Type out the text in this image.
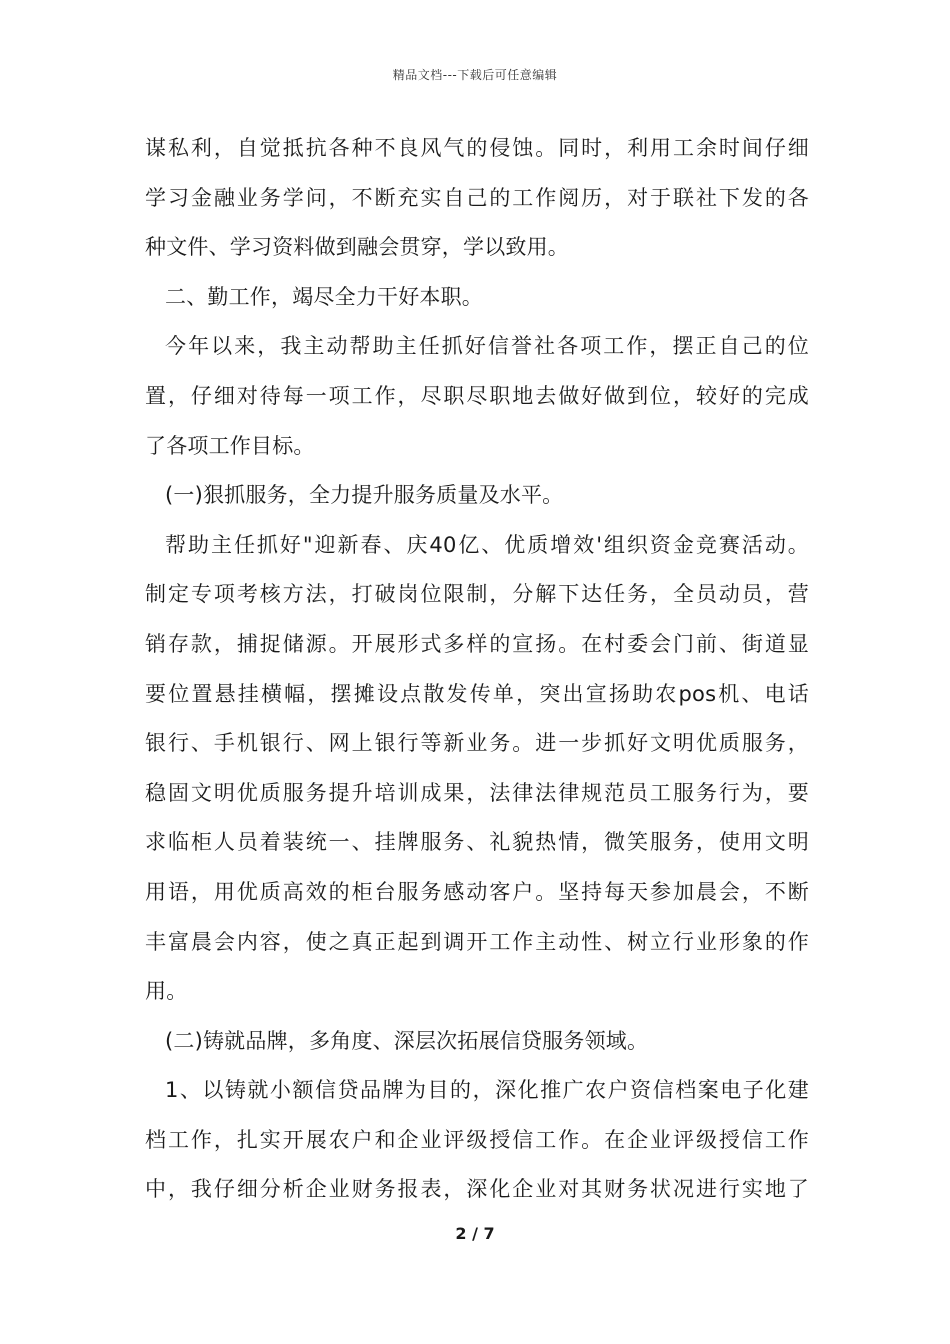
精品文档---下载后可任意编辑
谋私利，自觉抵抗各种不良风气的侵蚀。同时，利用工余时间仔细
学习金融业务学问，不断充实自己的工作阅历，对于联社下发的各
种文件、学习资料做到融会贯穿，学以致用。
二、勤工作，竭尽全力干好本职。
今年以来，我主动帮助主任抓好信誉社各项工作，摆正自己的位
置，仔细对待每一项工作，尽职尽职地去做好做到位，较好的完成
了各项工作目标。
(一)狠抓服务，全力提升服务质量及水平。
帮助主任抓好"迎新春、庆40亿、优质增效'组织资金竞赛活动。
制定专项考核方法，打破岗位限制，分解下达任务，全员动员，营
销存款，捕捉储源。开展形式多样的宣扬。在村委会门前、街道显
要位置悬挂横幅，摆摊设点散发传单，突出宣扬助农pos机、电话
银行、手机银行、网上银行等新业务。进一步抓好文明优质服务，
稳固文明优质服务提升培训成果，法律法律规范员工服务行为，要
求临柜人员着装统一、挂牌服务、礼貌热情，微笑服务，使用文明
用语，用优质高效的柜台服务感动客户。坚持每天参加晨会，不断
丰富晨会内容，使之真正起到调开工作主动性、树立行业形象的作
用。
(二)铸就品牌，多角度、深层次拓展信贷服务领域。
1、以铸就小额信贷品牌为目的，深化推广农户资信档案电子化建
档工作，扎实开展农户和企业评级授信工作。在企业评级授信工作
中，我仔细分析企业财务报表，深化企业对其财务状况进行实地了
2 / 7
